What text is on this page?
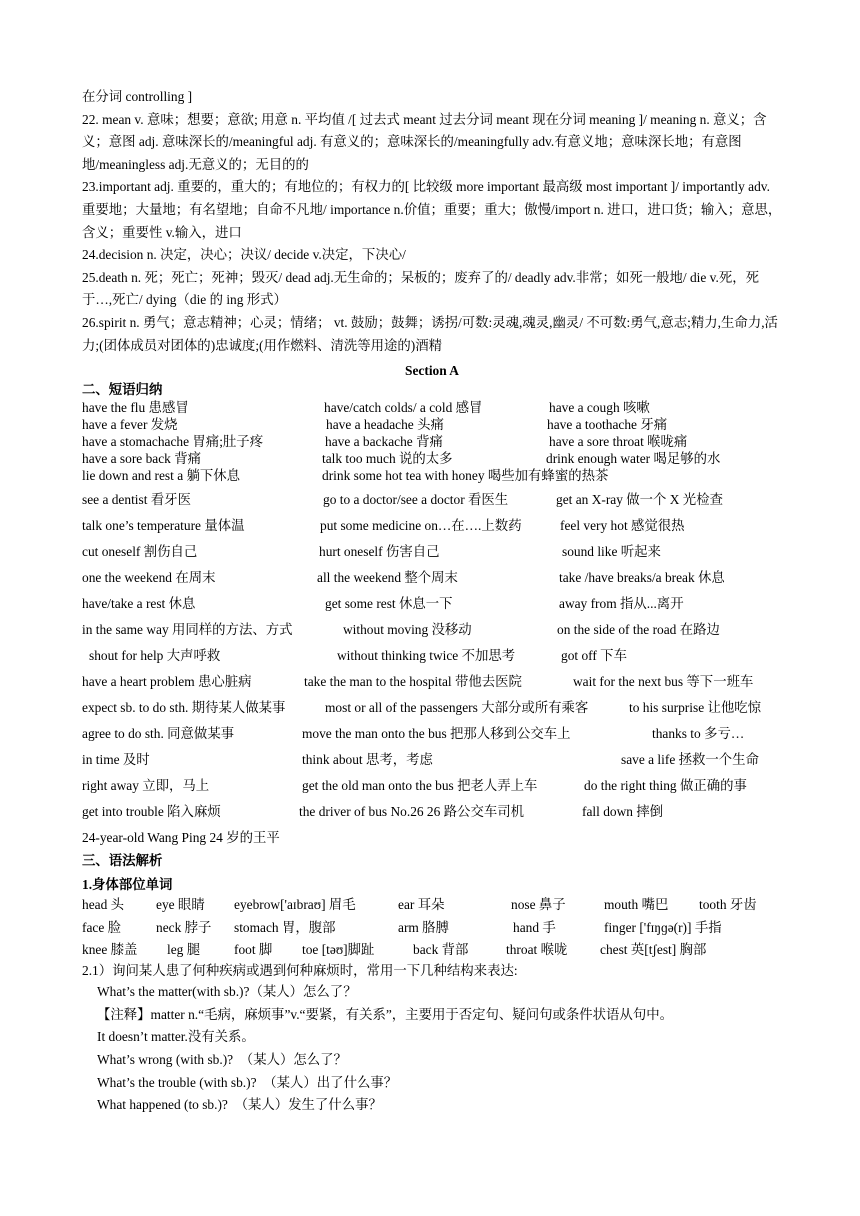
在分词 controlling ]

22. mean v. 意味；想要；意欲; 用意 n. 平均值 /[ 过去式 meant 过去分词 meant 现在分词 meaning ]/ meaning n. 意义；含义；意图 adj. 意味深长的/meaningful adj. 有意义的；意味深长的/meaningfully adv.有意义地；意味深长地；有意图地/meaningless adj.无意义的；无目的的

23.important adj. 重要的，重大的；有地位的；有权力的[ 比较级 more important 最高级 most important ]/ importantly adv.重要地；大量地；有名望地；自命不凡地/ importance n.价值；重要；重大；傲慢/import n. 进口，进口货；输入；意思，含义；重要性 v.输入，进口

24.decision n. 决定，决心；决议/ decide v.决定，下决心/

25.death n. 死；死亡；死神；毁灭/ dead adj.无生命的；呆板的；废弃了的/ deadly adv.非常；如死一般地/ die v.死，死于…,死亡/ dying（die 的 ing 形式）

26.spirit n. 勇气；意志精神；心灵；情绪； vt. 鼓励；鼓舞；诱拐/可数:灵魂,魂灵,幽灵/ 不可数:勇气,意志;精力,生命力,活力;(团体成员对团体的)忠诚度;(用作燃料、清洗等用途的)酒精

Section A
二、短语归纳
have the flu 患感冒	have/catch colds/ a cold 感冒	have a cough 咳嗽
have a fever 发烧	have a headache 头痛	have a toothache 牙痛
have a stomachache 胃痛;肚子疼	have a backache 背痛	have a sore throat 喉咙痛
have a sore back 背痛	talk too much 说的太多	drink enough water 喝足够的水
lie down and rest a 躺下休息	drink some hot tea with honey 喝些加有蜂蜜的热茶
see a dentist 看牙医	go to a doctor/see a doctor 看医生	get an X-ray 做一个 X 光检查
talk one’s temperature 量体温	put some medicine on…在….上数药	feel very hot 感觉很热
cut oneself 割伤自己	hurt oneself 伤害自己	sound like 听起来
one the weekend 在周末	all the weekend 整个周末	take /have breaks/a break 休息
have/take a rest 休息	get some rest 休息一下	away from 指从...离开
in the same way 用同样的方法、方式	without moving 没移动	on the side of the road 在路边
shout for help 大声呼救	without thinking twice 不加思考	got off 下车
have a heart problem 患心脏病	take the man to the hospital 带他去医院	wait for the next bus 等下一班车
expect sb. to do sth. 期待某人做某事	most or all of the passengers 大部分或所有乘客	to his surprise 让他吃惊
agree to do sth. 同意做某事	move the man onto the bus 把那人移到公交车上	thanks to 多亏…
in time 及时	think about 思考，考虑	save a life 拯救一个生命
right away 立即，马上	get the old man onto the bus 把老人弄上车	do the right thing 做正确的事
get into trouble 陷入麻烦	the driver of bus No.26 26 路公交车司机	fall down 摔倒
24-year-old Wang Ping 24 岁的王平
三、语法解析
1.身体部位单词
head 头 eye 眼睛 eyebrow['aɪbraʊ] 眉毛	ear 耳朵	nose 鼻子	mouth 嘴巴 tooth 牙齿
face 脸	neck 脖子 stomach 胃，腹部	arm 胳膊	hand 手	finger ['fɪŋɡə(r)] 手指
knee 膝盖 leg 腿	foot 脚 toe [təʊ]脚趾	back 背部	throat 喉咙 chest 英[tʃest] 胸部
2.1）询问某人患了何种疾病或遇到何种麻烦时，常用一下几种结构来表达:
What’s the matter(with sb.)?（某人）怎么了？
【注释】matter n.“毛病，麻烦事”v.“要紧，有关系”，主要用于否定句、疑问句或条件状语从句中。
It doesn’t matter.没有关系。
What’s wrong (with sb.)?　（某人）怎么了？
What’s the trouble (with sb.)?　（某人）出了什么事？
What happened (to sb.)?　（某人）发生了什么事？
